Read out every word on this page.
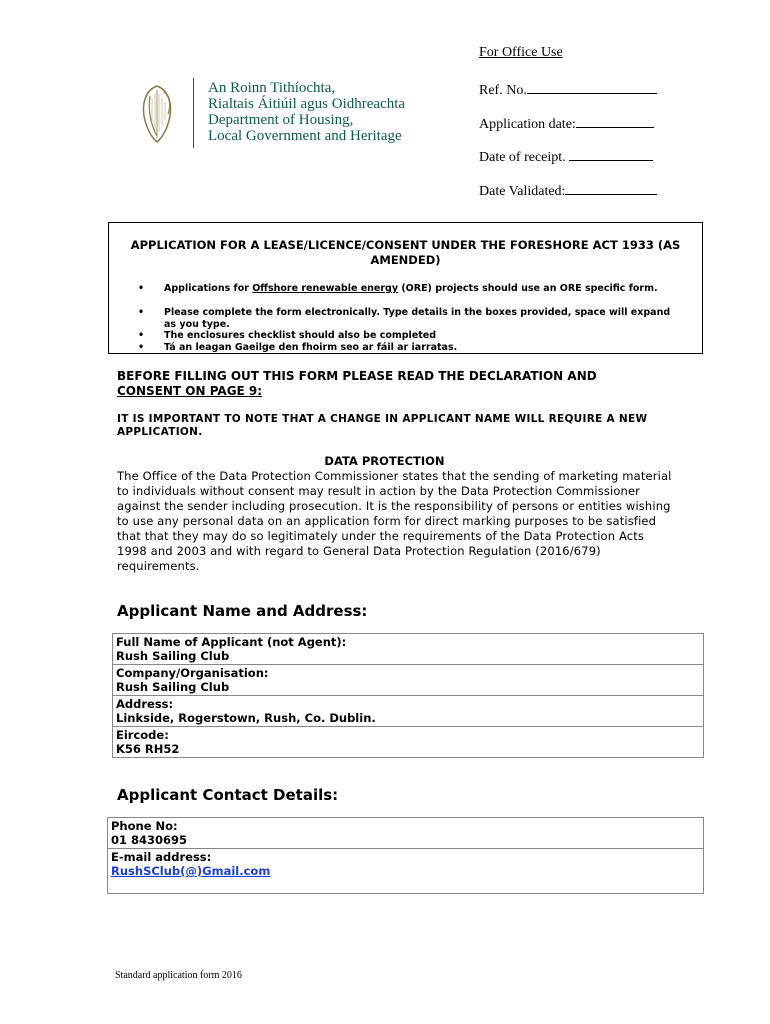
An Roinn Tithíochta,
Rialtais Áitiúil agus Oidhreachta
Department of Housing,
Local Government and Heritage
For Office Use
Ref. No.
Application date:
Date of receipt.
Date Validated:
APPLICATION FOR A LEASE/LICENCE/CONSENT UNDER THE FORESHORE ACT 1933 (AS AMENDED)
• Applications for Offshore renewable energy (ORE) projects should use an ORE specific form.
• Please complete the form electronically. Type details in the boxes provided, space will expand as you type.
• The enclosures checklist should also be completed
• Tá an leagan Gaeilge den fhoirm seo ar fáil ar iarratas.
BEFORE FILLING OUT THIS FORM PLEASE READ THE DECLARATION AND
CONSENT ON PAGE 9:
IT IS IMPORTANT TO NOTE THAT A CHANGE IN APPLICANT NAME WILL REQUIRE A NEW APPLICATION.
DATA PROTECTION
The Office of the Data Protection Commissioner states that the sending of marketing material to individuals without consent may result in action by the Data Protection Commissioner against the sender including prosecution. It is the responsibility of persons or entities wishing to use any personal data on an application form for direct marking purposes to be satisfied that that they may do so legitimately under the requirements of the Data Protection Acts 1998 and 2003 and with regard to General Data Protection Regulation (2016/679) requirements.
Applicant Name and Address:
Full Name of Applicant (not Agent):
Rush Sailing Club

Company/Organisation:
Rush Sailing Club

Address:
Linkside, Rogerstown, Rush, Co. Dublin.

Eircode:
K56 RH52
Applicant Contact Details:
Phone No:
01 8430695

E-mail address:
RushSClub(@)Gmail.com
Standard application form 2016
